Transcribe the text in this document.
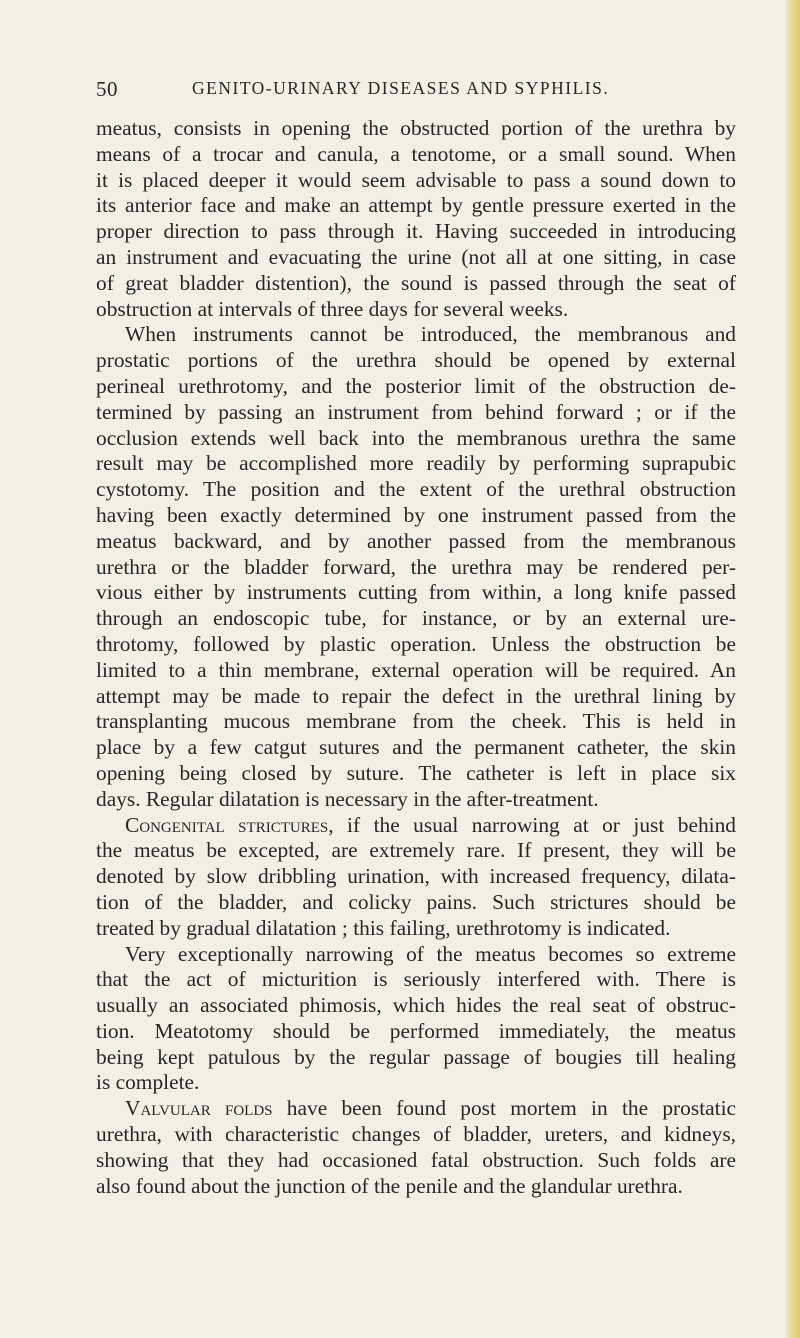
50	GENITO-URINARY DISEASES AND SYPHILIS.
meatus, consists in opening the obstructed portion of the urethra by
means of a trocar and canula, a tenotome, or a small sound. When
it is placed deeper it would seem advisable to pass a sound down to
its anterior face and make an attempt by gentle pressure exerted in the
proper direction to pass through it. Having succeeded in introducing
an instrument and evacuating the urine (not all at one sitting, in case
of great bladder distention), the sound is passed through the seat of
obstruction at intervals of three days for several weeks.
When instruments cannot be introduced, the membranous and
prostatic portions of the urethra should be opened by external
perineal urethrotomy, and the posterior limit of the obstruction de-
termined by passing an instrument from behind forward ; or if the
occlusion extends well back into the membranous urethra the same
result may be accomplished more readily by performing suprapubic
cystotomy. The position and the extent of the urethral obstruction
having been exactly determined by one instrument passed from the
meatus backward, and by another passed from the membranous
urethra or the bladder forward, the urethra may be rendered per-
vious either by instruments cutting from within, a long knife passed
through an endoscopic tube, for instance, or by an external ure-
throtomy, followed by plastic operation. Unless the obstruction be
limited to a thin membrane, external operation will be required. An
attempt may be made to repair the defect in the urethral lining by
transplanting mucous membrane from the cheek. This is held in
place by a few catgut sutures and the permanent catheter, the skin
opening being closed by suture. The catheter is left in place six
days. Regular dilatation is necessary in the after-treatment.
Congenital strictures, if the usual narrowing at or just behind
the meatus be excepted, are extremely rare. If present, they will be
denoted by slow dribbling urination, with increased frequency, dilata-
tion of the bladder, and colicky pains. Such strictures should be
treated by gradual dilatation ; this failing, urethrotomy is indicated.
Very exceptionally narrowing of the meatus becomes so extreme
that the act of micturition is seriously interfered with. There is
usually an associated phimosis, which hides the real seat of obstruc-
tion. Meatotomy should be performed immediately, the meatus
being kept patulous by the regular passage of bougies till healing
is complete.
Valvular folds have been found post mortem in the prostatic
urethra, with characteristic changes of bladder, ureters, and kidneys,
showing that they had occasioned fatal obstruction. Such folds are
also found about the junction of the penile and the glandular urethra.
